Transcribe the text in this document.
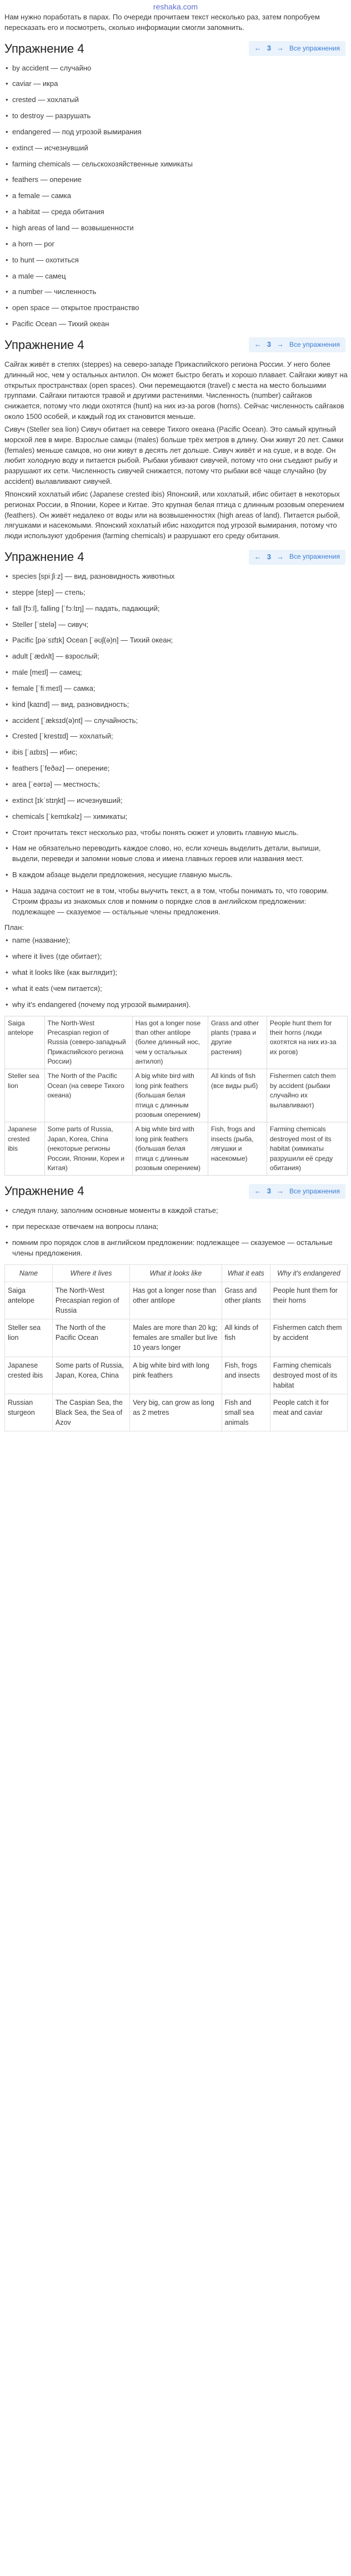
reshaka.com

Нам нужно поработать в парах. По очереди прочитаем текст несколько раз, затем попробуем пересказать его и посмотреть, сколько информации смогли запомнить.

Упражнение 4	← 3 → Все упражнения
• by accident — случайно
• caviar — икра
• crested — хохлатый
• to destroy — разрушать
• endangered — под угрозой вымирания
• extinct — исчезнувший
• farming chemicals — сельскохозяйственные химикаты
• feathers — оперение
• a female — самка
• a habitat — среда обитания
• high areas of land — возвышенности
• a horn — рог
• to hunt — охотиться
• a male — самец
• a number — численность
• open space — открытое пространство
• Pacific Ocean — Тихий океан
Упражнение 4	← 3 → Все упражнения

Сайгак живёт в степях (steppes) на северо-западе Прикаспийского региона России. У него более длинный нос, чем у остальных антилоп. Он может быстро бегать и хорошо плавает. Сайгаки живут на открытых пространствах (open spaces). Они перемещаются (travel) с места на место большими группами. Сайгаки питаются травой и другими растениями. Численность (number) сайгаков снижается, потому что люди охотятся (hunt) на них из-за рогов (horns). Сейчас численность сайгаков около 1500 особей, и каждый год их становится меньше.

Сивуч (Steller sea lion) Сивуч обитает на севере Тихого океана (Pacific Ocean). Это самый крупный морской лев в мире. Взрослые самцы (males) больше трёх метров в длину. Они живут 20 лет. Самки (females) меньше самцов, но они живут в десять лет дольше. Сивуч живёт и на суше, и в воде. Он любит холодную воду и питается рыбой. Рыбаки убивают сивучей, потому что они съедают рыбу и разрушают их сети. Численность сивучей снижается, потому что рыбаки всё чаще случайно (by accident) вылавливают сивучей.

Японский хохлатый ибис (Japanese crested ibis) Японский, или хохлатый, ибис обитает в некоторых регионах России, в Японии, Корее и Китае. Это крупная белая птица с длинным розовым оперением (feathers). Он живёт недалеко от воды или на возвышенностях (high areas of land). Питается рыбой, лягушками и насекомыми. Японский хохлатый ибис находится под угрозой вымирания, потому что люди используют удобрения (farming chemicals) и разрушают его среду обитания.

Упражнение 4	← 3 → Все упражнения
• species [spiːʃiːz] — вид, разновидность животных
• steppe [step] — степь;
• fall [fɔːl], falling [ˈfɔːlɪŋ] — падать, падающий;
• Steller [ˈstelə] — сивуч;
• Pacific [pəˈsɪfɪk] Ocean [ˈəʊʃ(ə)n] — Тихий океан;
• adult [ˈædʌlt] — взрослый;
• male [meɪl] — самец;
• female [ˈfiːmeɪl] — самка;
• kind [kaɪnd] — вид, разновидность;
• accident [ˈæksɪd(ə)nt] — случайность;
• Crested [ˈkrestɪd] — хохлатый;
• ibis [ˈaɪbɪs] — ибис;
• feathers [ˈfeðəz] — оперение;
• area [ˈeərɪə] — местность;
• extinct [ɪkˈstɪŋkt] — исчезнувший;
• chemicals [ˈkemɪkəlz] — химикаты;
• Стоит прочитать текст несколько раз, чтобы понять сюжет и уловить главную мысль.
• Нам не обязательно переводить каждое слово, но, если хочешь выделить детали, выпиши, выдели, переведи и запомни новые слова и имена главных героев или названия мест.
• В каждом абзаце выдели предложения, несущие главную мысль.
• Наша задача состоит не в том, чтобы выучить текст, а в том, чтобы понимать то, что говорим. Строим фразы из знакомых слов и помним о порядке слов в английском предложении: подлежащее — сказуемое — остальные члены предложения.

План:

• name (название);
• where it lives (где обитает);
• what it looks like (как выглядит);
• what it eats (чем питается);
• why it's endangered (почему под угрозой вымирания).
Saiga antelope	The North-West Precaspian region of Russia (северо-западный Прикаспийского региона России)	Has got a longer nose than other antilope (более длинный нос, чем у остальных антилоп)	Grass and other plants (трава и другие растения)	People hunt them for their horns (люди охотятся на них из-за их рогов)
Steller sea lion	The North of the Pacific Ocean (на севере Тихого океана)	A big white bird with long pink feathers (большая белая птица с длинным розовым оперением)	All kinds of fish (все виды рыб)	Fishermen catch them by accident (рыбаки случайно их вылавливают)
Japanese crested ibis	Some parts of Russia, Japan, Korea, China (некоторые регионы России, Японии, Кореи и Китая)	A big white bird with long pink feathers (большая белая птица с длинным розовым оперением)	Fish, frogs and insects (рыба, лягушки и насекомые)	Farming chemicals destroyed most of its habitat (химикаты разрушили её среду обитания)
Упражнение 4	← 3 → Все упражнения
• следуя плану, заполним основные моменты в каждой статье;
• при пересказе отвечаем на вопросы плана;
• помним про порядок слов в английском предложении: подлежащее — сказуемое — остальные члены предложения.
Name	Where it lives	What it looks like	What it eats	Why it's endangered
Saiga antelope	The North-West Precaspian region of Russia	Has got a longer nose than other antilope	Grass and other plants	People hunt them for their horns
Steller sea lion	The North of the Pacific Ocean	Males are more than 20 kg; females are smaller but live 10 years longer	All kinds of fish	Fishermen catch them by accident
Japanese crested ibis	Some parts of Russia, Japan, Korea, China	A big white bird with long pink feathers	Fish, frogs and insects	Farming chemicals destroyed most of its habitat
Russian sturgeon	The Caspian Sea, the Black Sea, the Sea of Azov	Very big, can grow as long as 2 metres	Fish and small sea animals	People catch it for meat and caviar
